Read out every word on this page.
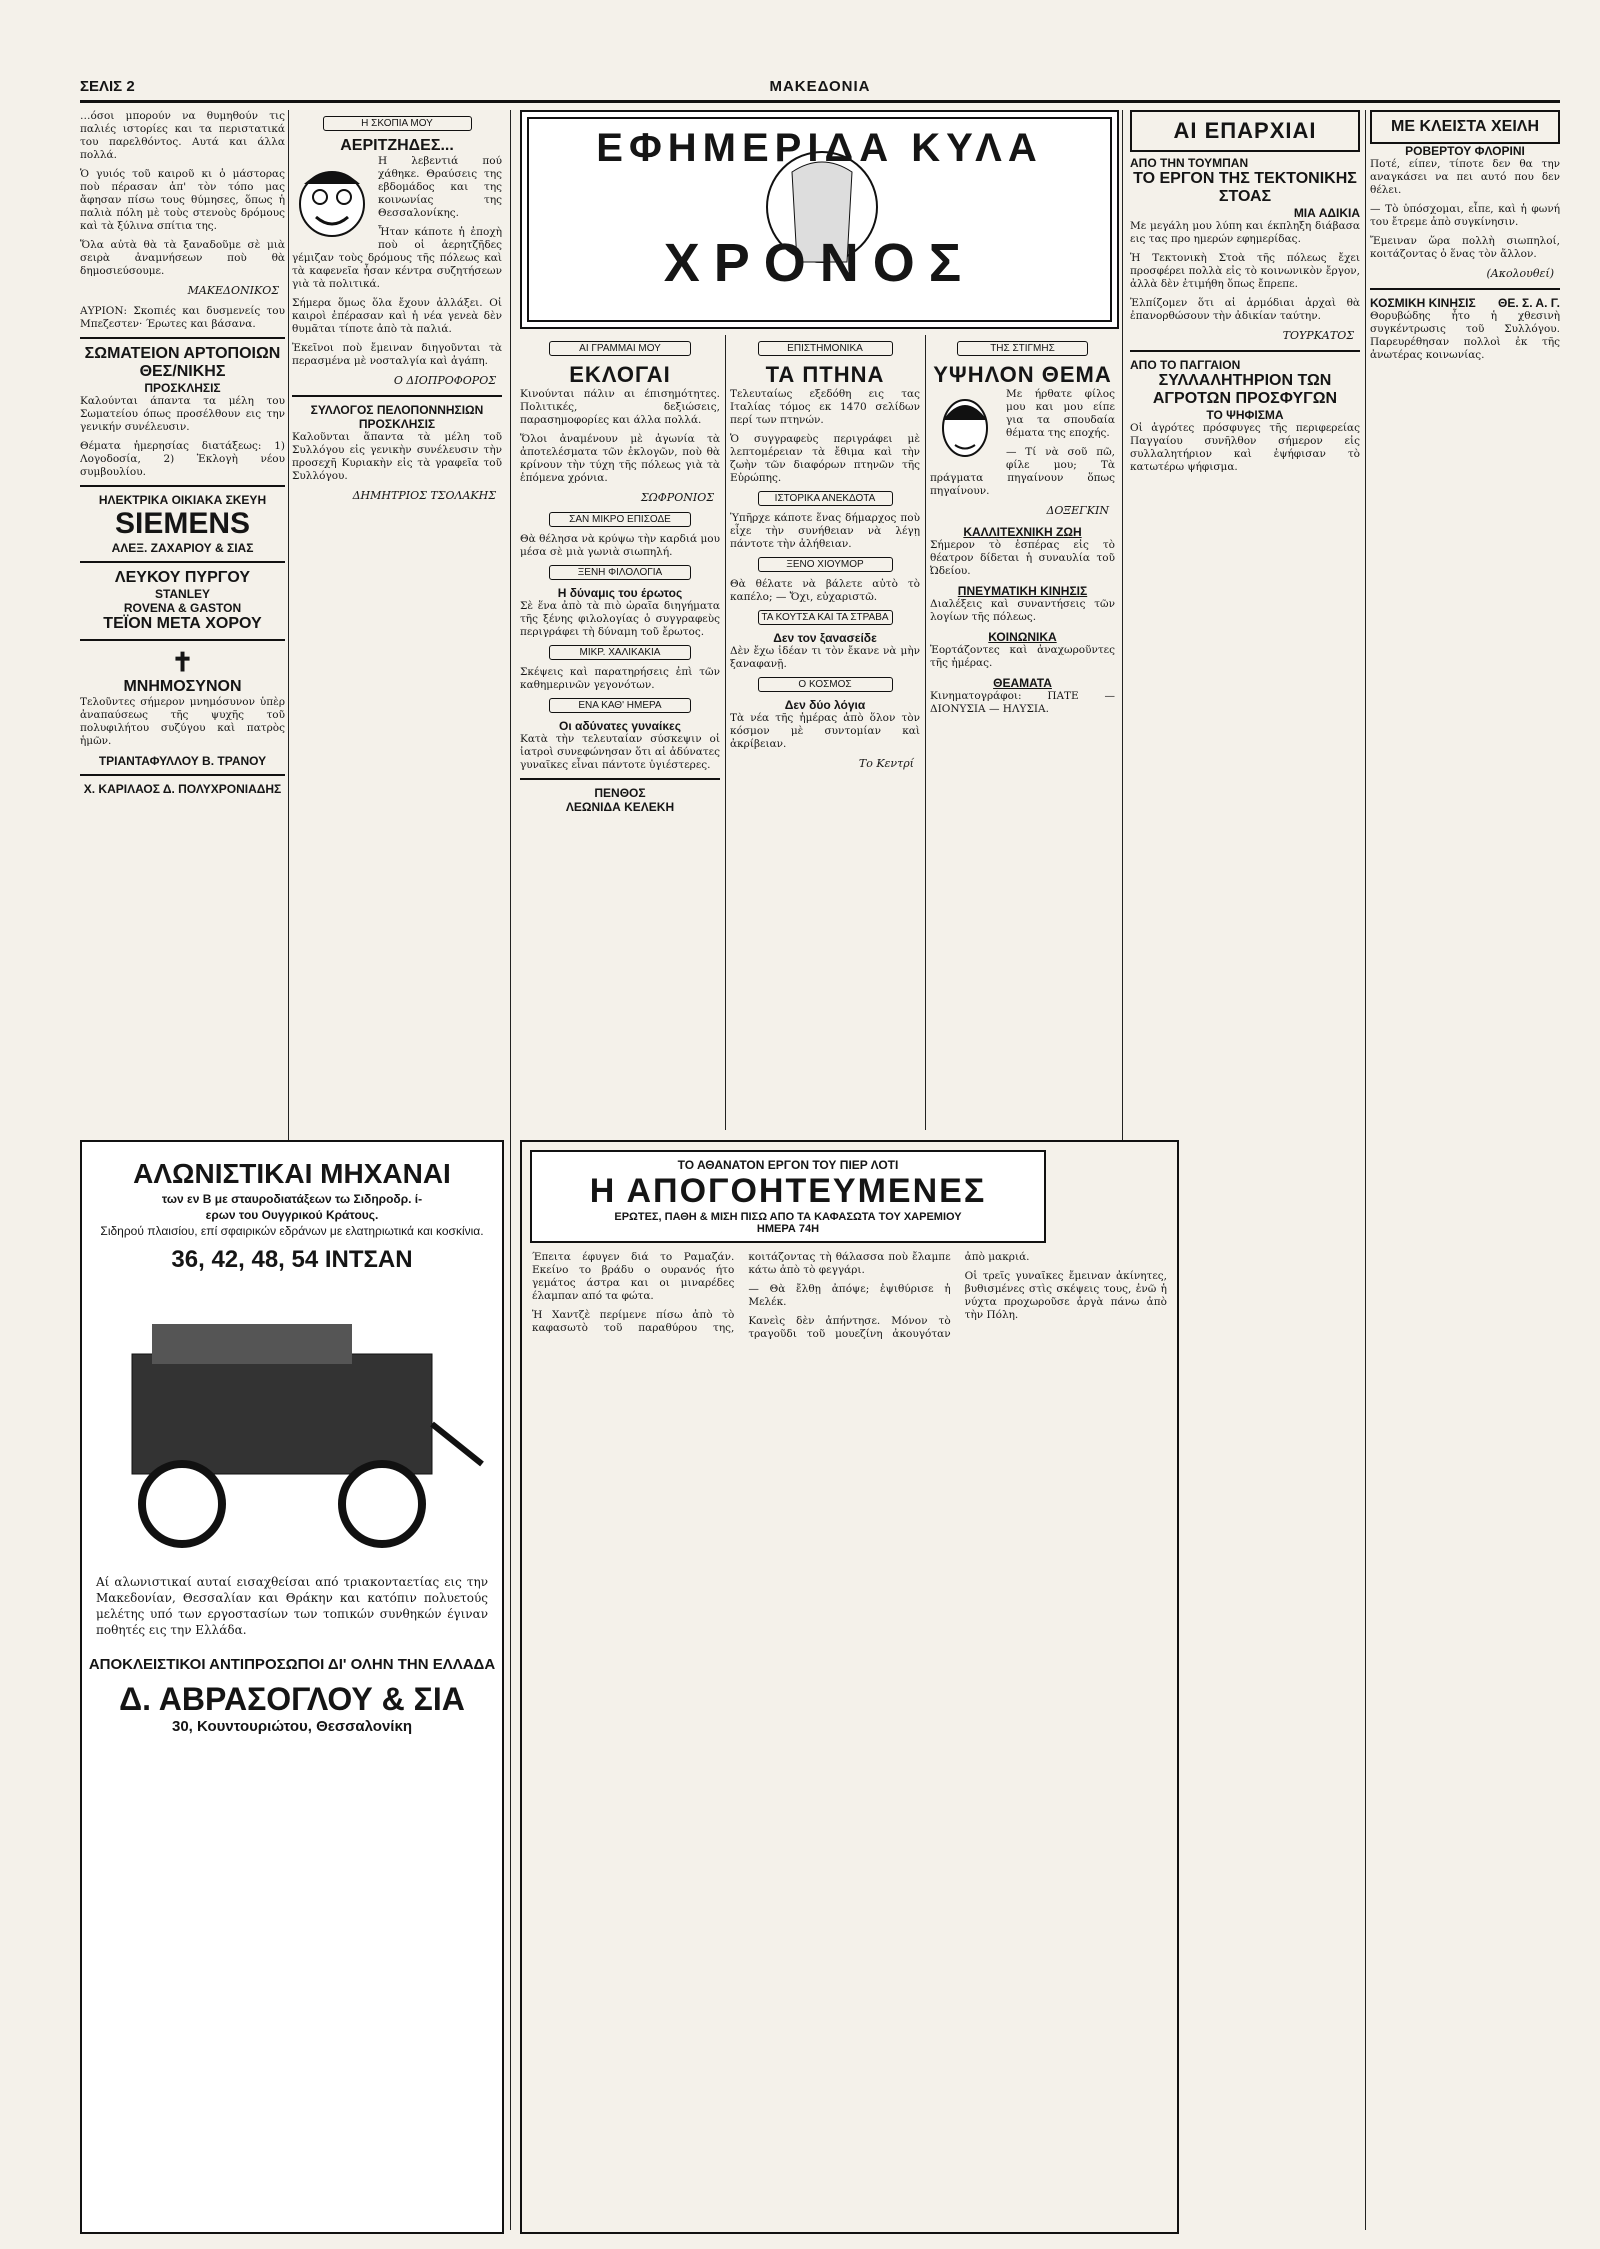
ΣΕΛΙΣ 2	ΜΑΚΕΔΟΝΙΑ

…όσοι μπορούν να θυμηθούν τις παλιές ιστορίες και τα περιστατικά του παρελθόντος. Αυτά και άλλα πολλά.

Ὁ γυιός τοῦ καιροῦ κι ὁ μάστορας ποὺ πέρασαν ἀπ' τὸν τόπο μας ἄφησαν πίσω τους θύμησες, ὅπως ἡ παλιὰ πόλη μὲ τοὺς στενοὺς δρόμους καὶ τὰ ξύλινα σπίτια της.

Ὅλα αὐτὰ θὰ τὰ ξαναδοῦμε σὲ μιὰ σειρὰ ἀναμνήσεων ποὺ θὰ δημοσιεύσουμε.

ΜΑΚΕΔΟΝΙΚΟΣ

ΑΥΡΙΟΝ: Σκοπιές και δυσμενείς του Μπεζεστεν· Έρωτες και βάσανα.

ΣΩΜΑΤΕΙΟΝ ΑΡΤΟΠΟΙΩΝ ΘΕΣ/ΝΙΚΗΣ
ΠΡΟΣΚΛΗΣΙΣ

Καλούνται άπαντα τα μέλη του Σωματείου όπως προσέλθουν εις την γενικήν συνέλευσιν.

Θέματα ἡμερησίας διατάξεως: 1) Λογοδοσία, 2) Ἐκλογὴ νέου συμβουλίου.

ΗΛΕΚΤΡΙΚΑ ΟΙΚΙΑΚΑ ΣΚΕΥΗ
SIEMENS
ΑΛΕΞ. ΖΑΧΑΡΙΟΥ & ΣΙΑΣ
ΛΕΥΚΟΥ ΠΥΡΓΟΥ
STANLEY
ROVENA & GASTON
ΤΕΪΟΝ ΜΕΤΑ ΧΟΡΟΥ
✝
ΜΝΗΜΟΣΥΝΟΝ

Τελοῦντες σήμερον μνημόσυνον ὑπὲρ ἀναπαύσεως τῆς ψυχῆς τοῦ πολυφιλήτου συζύγου καὶ πατρὸς ἡμῶν.

ΤΡΙΑΝΤΑΦΥΛΛΟΥ Β. ΤΡΑΝΟΥ
Χ. ΚΑΡΙΛΑΟΣ Δ. ΠΟΛΥΧΡΟΝΙΑΔΗΣ
Η ΣΚΟΠΙΑ ΜΟΥ
ΑΕΡΙΤΖΗΔΕΣ...

Η λεβεντιά πού χάθηκε. Θραύσεις της εβδομάδος και της κοινωνίας της Θεσσαλονίκης.

Ἦταν κάποτε ἡ ἐποχὴ ποὺ οἱ ἀερητζῆδες γέμιζαν τοὺς δρόμους τῆς πόλεως καὶ τὰ καφενεῖα ἦσαν κέντρα συζητήσεων γιὰ τὰ πολιτικά.

Σήμερα ὅμως ὅλα ἔχουν ἀλλάξει. Οἱ καιροὶ ἐπέρασαν καὶ ἡ νέα γενεὰ δὲν θυμᾶται τίποτε ἀπὸ τὰ παλιά.

Ἐκεῖνοι ποὺ ἔμειναν διηγοῦνται τὰ περασμένα μὲ νοσταλγία καὶ ἀγάπη.

Ο ΔΙΟΠΡΟΦΟΡΟΣ
ΣΥΛΛΟΓΟΣ ΠΕΛΟΠΟΝΝΗΣΙΩΝ
ΠΡΟΣΚΛΗΣΙΣ

Καλοῦνται ἅπαντα τὰ μέλη τοῦ Συλλόγου εἰς γενικὴν συνέλευσιν τὴν προσεχῆ Κυριακὴν εἰς τὰ γραφεῖα τοῦ Συλλόγου.

ΔΗΜΗΤΡΙΟΣ ΤΣΟΛΑΚΗΣ
ΕΦΗΜΕΡΙΔΑ ΚΥΛΑ
ΧΡΟΝΟΣ
ΑΙ ΓΡΑΜΜΑΙ ΜΟΥ
ΕΚΛΟΓΑΙ

Κινούνται πάλιν αι έπισημότητες. Πολιτικές, δεξιώσεις, παρασημοφορίες και άλλα πολλά.

Ὅλοι ἀναμένουν μὲ ἀγωνία τὰ ἀποτελέσματα τῶν ἐκλογῶν, ποὺ θὰ κρίνουν τὴν τύχη τῆς πόλεως γιὰ τὰ ἑπόμενα χρόνια.

ΣΩΦΡΟΝΙΟΣ
ΣΑΝ ΜΙΚΡΟ ΕΠΙΣΟΔΕ

Θὰ θέλησα νὰ κρύψω τὴν καρδιά μου μέσα σὲ μιὰ γωνιὰ σιωπηλή.

ΞΕΝΗ ΦΙΛΟΛΟΓΙΑ
Η δύναμις του έρωτος

Σὲ ἕνα ἀπὸ τὰ πιὸ ὡραῖα διηγήματα τῆς ξένης φιλολογίας ὁ συγγραφεὺς περιγράφει τὴ δύναμη τοῦ ἔρωτος.

ΜΙΚΡ. ΧΑΛΙΚΑΚΙΑ

Σκέψεις καὶ παρατηρήσεις ἐπὶ τῶν καθημερινῶν γεγονότων.

ΕΝΑ ΚΑΘ' ΗΜΕΡΑ
Οι αδύνατες γυναίκες

Κατὰ τὴν τελευταίαν σύσκεψιν οἱ ἰατροὶ συνεφώνησαν ὅτι αἱ ἀδύνατες γυναῖκες εἶναι πάντοτε ὑγιέστερες.

ΠΕΝΘΟΣ
ΛΕΩΝΙΔΑ ΚΕΛΕΚΗ
ΕΠΙΣΤΗΜΟΝΙΚΑ
ΤΑ ΠΤΗΝΑ

Τελευταίως εξεδόθη εις τας Ιταλίας τόμος εκ 1470 σελίδων περί των πτηνών.

Ὁ συγγραφεὺς περιγράφει μὲ λεπτομέρειαν τὰ ἔθιμα καὶ τὴν ζωὴν τῶν διαφόρων πτηνῶν τῆς Εὐρώπης.

ΙΣΤΟΡΙΚΑ ΑΝΕΚΔΟΤΑ

Ὑπῆρχε κάποτε ἕνας δήμαρχος ποὺ εἶχε τὴν συνήθειαν νὰ λέγῃ πάντοτε τὴν ἀλήθειαν.

ΞΕΝΟ ΧΙΟΥΜΟΡ

Θὰ θέλατε νὰ βάλετε αὐτὸ τὸ καπέλο; — Ὄχι, εὐχαριστῶ.

ΤΑ ΚΟΥΤΣΑ ΚΑΙ ΤΑ ΣΤΡΑΒΑ
Δεν τον ξανασείδε

Δὲν ἔχω ἰδέαν τι τὸν ἔκανε νὰ μὴν ξαναφανῇ.

Ο ΚΟΣΜΟΣ
Δεν δύο λόγια

Τὰ νέα τῆς ἡμέρας ἀπὸ ὅλον τὸν κόσμον μὲ συντομίαν καὶ ἀκρίβειαν.

Το Κεντρί
ΤΗΣ ΣΤΙΓΜΗΣ
ΥΨΗΛΟΝ ΘΕΜΑ

Με ήρθατε φίλος μου και μου είπε για τα σπουδαία θέματα της εποχής.

— Τί νὰ σοῦ πῶ, φίλε μου; Τὰ πράγματα πηγαίνουν ὅπως πηγαίνουν.

ΔΟΞΕΓΚΙΝ
ΚΑΛΛΙΤΕΧΝΙΚΗ ΖΩΗ

Σήμερον τὸ ἑσπέρας εἰς τὸ θέατρον δίδεται ἡ συναυλία τοῦ Ὠδείου.

ΠΝΕΥΜΑΤΙΚΗ ΚΙΝΗΣΙΣ

Διαλέξεις καὶ συναντήσεις τῶν λογίων τῆς πόλεως.

ΚΟΙΝΩΝΙΚΑ

Ἑορτάζοντες καὶ ἀναχωροῦντες τῆς ἡμέρας.

ΘΕΑΜΑΤΑ

Κινηματογράφοι: ΠΑΤΕ — ΔΙΟΝΥΣΙΑ — ΗΛΥΣΙΑ.

ΑΙ ΕΠΑΡΧΙΑΙ
ΑΠΟ ΤΗΝ ΤΟΥΜΠΑΝ
ΤΟ ΕΡΓΟΝ ΤΗΣ ΤΕΚΤΟΝΙΚΗΣ ΣΤΟΑΣ
ΜΙΑ ΑΔΙΚΙΑ

Με μεγάλη μου λύπη και έκπληξη διάβασα εις τας προ ημερών εφημερίδας.

Ἡ Τεκτονικὴ Στοὰ τῆς πόλεως ἔχει προσφέρει πολλὰ εἰς τὸ κοινωνικὸν ἔργον, ἀλλὰ δὲν ἐτιμήθη ὅπως ἔπρεπε.

Ἐλπίζομεν ὅτι αἱ ἁρμόδιαι ἀρχαὶ θὰ ἐπανορθώσουν τὴν ἀδικίαν ταύτην.

ΤΟΥΡΚΑΤΟΣ
ΑΠΟ ΤΟ ΠΑΓΓΑΙΟΝ
ΣΥΛΛΑΛΗΤΗΡΙΟΝ ΤΩΝ ΑΓΡΟΤΩΝ ΠΡΟΣΦΥΓΩΝ
ΤΟ ΨΗΦΙΣΜΑ

Οἱ ἀγρότες πρόσφυγες τῆς περιφερείας Παγγαίου συνῆλθον σήμερον εἰς συλλαλητήριον καὶ ἐψήφισαν τὸ κατωτέρω ψήφισμα.

ΜΕ ΚΛΕΙΣΤΑ ΧΕΙΛΗ
ΡΟΒΕΡΤΟΥ ΦΛΟΡΙΝΙ

Ποτέ, είπεν, τίποτε δεν θα την αναγκάσει να πει αυτό που δεν θέλει.

— Τὸ ὑπόσχομαι, εἶπε, καὶ ἡ φωνή του ἔτρεμε ἀπὸ συγκίνησιν.

Ἔμειναν ὥρα πολλὴ σιωπηλοί, κοιτάζοντας ὁ ἕνας τὸν ἄλλον.

(Ακολουθεί)
ΚΟΣΜΙΚΗ ΚΙΝΗΣΙΣ ΘΕ. Σ. Α. Γ.

Θορυβώδης ἦτο ἡ χθεσινὴ συγκέντρωσις τοῦ Συλλόγου. Παρευρέθησαν πολλοὶ ἐκ τῆς ἀνωτέρας κοινωνίας.

ΑΛΩΝΙΣΤΙΚΑΙ ΜΗΧΑΝΑΙ
των εν Β με σταυροδιατάξεων τω Σιδηροδρ. ί-
ερων του Ουγγρικού Κράτους.
Σιδηρού πλαισίου, επί σφαιρικών εδράνων με ελατηριωτικά και κοσκίνια.
36, 42, 48, 54 ΙΝΤΣΑΝ

Αί αλωνιστικαί αυταί εισαχθείσαι από τριακονταετίας εις την Μακεδονίαν, Θεσσαλίαν και Θράκην και κατόπιν πολυετούς μελέτης υπό των εργοστασίων των τοπικών συνθηκών έγιναν ποθητές εις την Ελλάδα.

ΑΠΟΚΛΕΙΣΤΙΚΟΙ ΑΝΤΙΠΡΟΣΩΠΟΙ ΔΙ' ΟΛΗΝ ΤΗΝ ΕΛΛΑΔΑ
Δ. ΑΒΡΑΣΟΓΛΟΥ & ΣΙΑ
30, Κουντουριώτου, Θεσσαλονίκη
ΤΟ ΑΘΑΝΑΤΟΝ ΕΡΓΟΝ ΤΟΥ ΠΙΕΡ ΛΟΤΙ
Η ΑΠΟΓΟΗΤΕΥΜΕΝΕΣ
ΕΡΩΤΕΣ, ΠΑΘΗ & ΜΙΣΗ ΠΙΣΩ ΑΠΟ ΤΑ ΚΑΦΑΣΩΤΑ ΤΟΥ ΧΑΡΕΜΙΟΥ
ΗΜΕΡΑ 74Η

Έπειτα έφυγεν διά το Ραμαζάν. Εκείνο το βράδυ ο ουρανός ήτο γεμάτος άστρα και οι μιναρέδες έλαμπαν από τα φώτα.

Ἡ Χαντζὲ περίμενε πίσω ἀπὸ τὸ καφασωτὸ τοῦ παραθύρου της, κοιτάζοντας τὴ θάλασσα ποὺ ἔλαμπε κάτω ἀπὸ τὸ φεγγάρι.

— Θὰ ἔλθῃ ἀπόψε; ἐψιθύρισε ἡ Μελέκ.

Κανεὶς δὲν ἀπήντησε. Μόνον τὸ τραγοῦδι τοῦ μουεζίνη ἀκουγόταν ἀπὸ μακριά.

Οἱ τρεῖς γυναῖκες ἔμειναν ἀκίνητες, βυθισμένες στὶς σκέψεις τους, ἐνῶ ἡ νύχτα προχωροῦσε ἀργὰ πάνω ἀπὸ τὴν Πόλη.
